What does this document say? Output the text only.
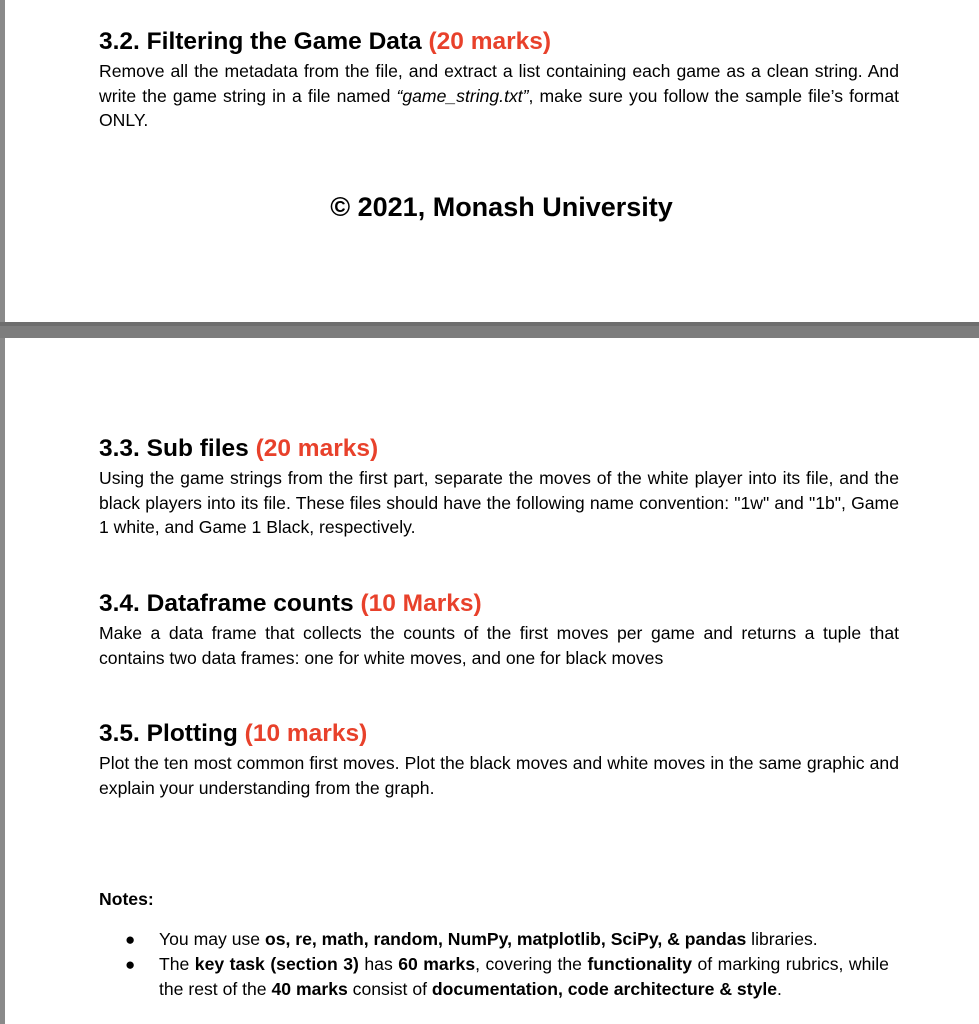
3.2. Filtering the Game Data (20 marks)

Remove all the metadata from the file, and extract a list containing each game as a clean string. And write the game string in a file named “game_string.txt”, make sure you follow the sample file’s format ONLY.

© 2021, Monash University

3.3. Sub files (20 marks)

Using the game strings from the first part, separate the moves of the white player into its file, and the black players into its file. These files should have the following name convention: "1w" and "1b", Game 1 white, and Game 1 Black, respectively.

3.4. Dataframe counts (10 Marks)

Make a data frame that collects the counts of the first moves per game and returns a tuple that contains two data frames: one for white moves, and one for black moves

3.5. Plotting (10 marks)

Plot the ten most common first moves. Plot the black moves and white moves in the same graphic and explain your understanding from the graph.

Notes:

● You may use os, re, math, random, NumPy, matplotlib, SciPy, & pandas libraries.
● The key task (section 3) has 60 marks, covering the functionality of marking rubrics, while the rest of the 40 marks consist of documentation, code architecture & style.
